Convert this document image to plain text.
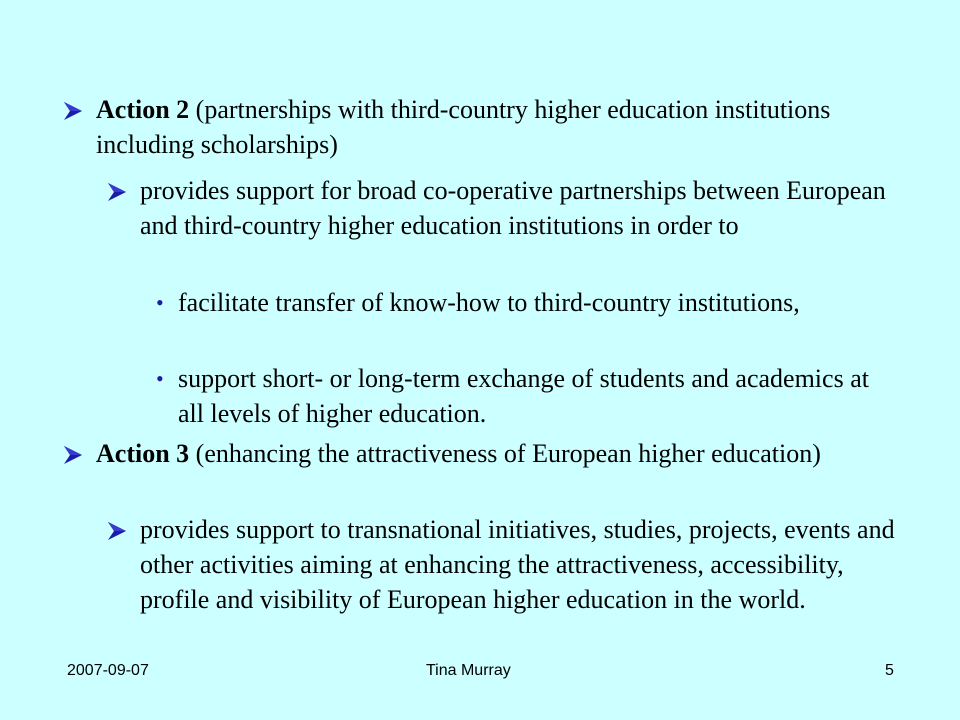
Action 2 (partnerships with third-country higher education institutions including scholarships)
provides support for broad co-operative partnerships between European and third-country higher education institutions in order to
• facilitate transfer of know-how to third-country institutions,
• support short- or long-term exchange of students and academics at all levels of higher education.
Action 3 (enhancing the attractiveness of European higher education)
provides support to transnational initiatives, studies, projects, events and other activities aiming at enhancing the attractiveness, accessibility, profile and visibility of European higher education in the world.
2007-09-07	Tina Murray	5
